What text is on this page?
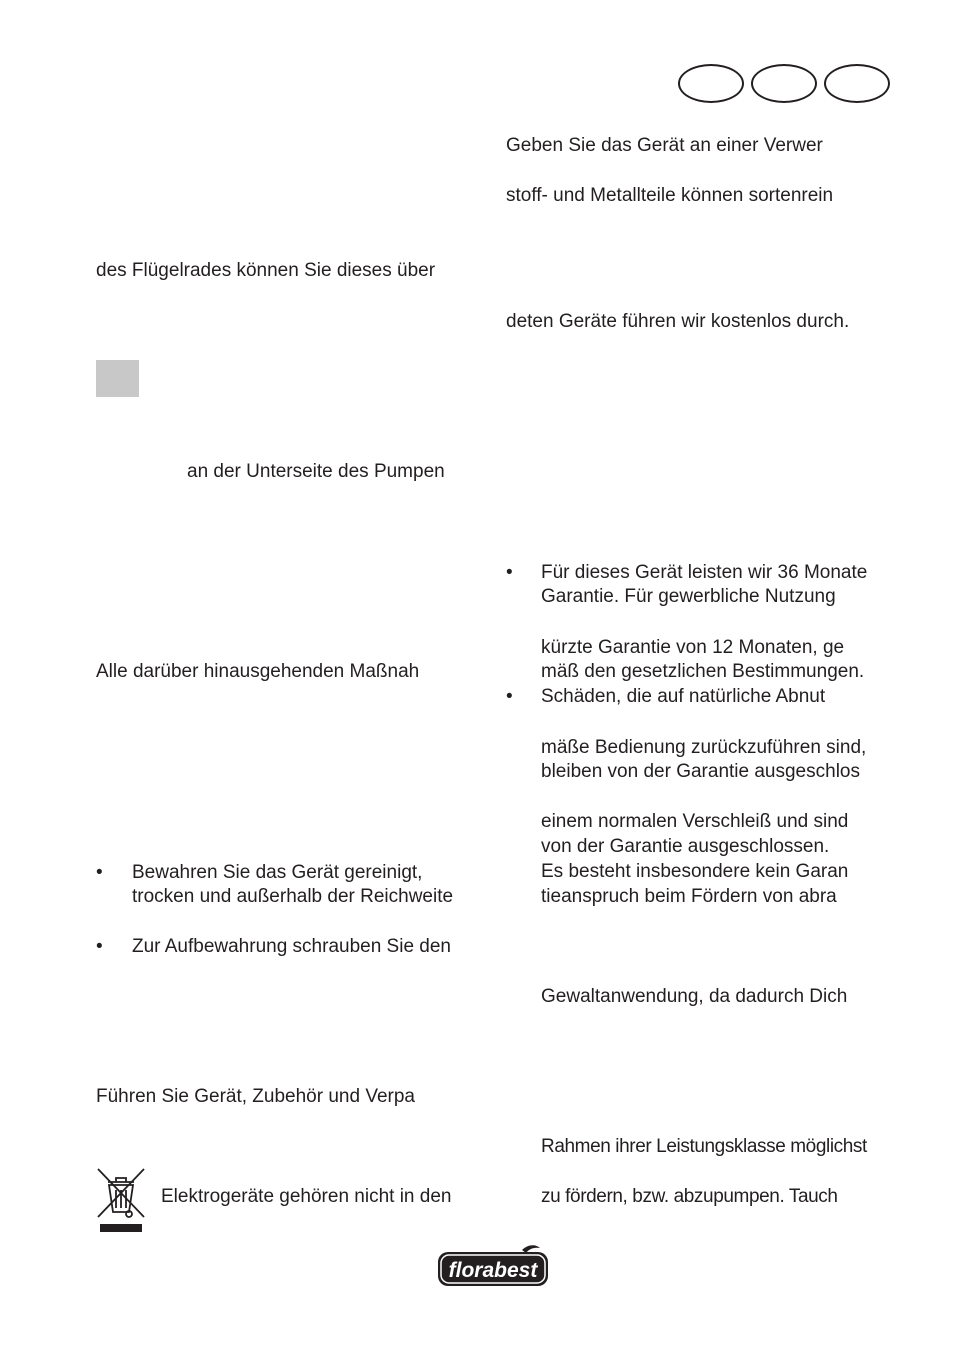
des Flügelrades können Sie dieses über
an der Unterseite des Pumpen
Alle darüber hinausgehenden Maßnah
• Bewahren Sie das Gerät gereinigt,
trocken und außerhalb der Reichweite
• Zur Aufbewahrung schrauben Sie den
Führen Sie Gerät, Zubehör und Verpa
Elektrogeräte gehören nicht in den
Geben Sie das Gerät an einer Verwer
stoff- und Metallteile können sortenrein
deten Geräte führen wir kostenlos durch.
• Für dieses Gerät leisten wir 36 Monate
Garantie. Für gewerbliche Nutzung
kürzte Garantie von 12 Monaten, ge
mäß den gesetzlichen Bestimmungen.
• Schäden, die auf natürliche Abnut
mäße Bedienung zurückzuführen sind,
bleiben von der Garantie ausgeschlos
einem normalen Verschleiß und sind
von der Garantie ausgeschlossen.
Es besteht insbesondere kein Garan
tieanspruch beim Fördern von abra
Gewaltanwendung, da dadurch Dich
Rahmen ihrer Leistungsklasse möglichst
zu fördern, bzw. abzupumpen. Tauch
florabest
